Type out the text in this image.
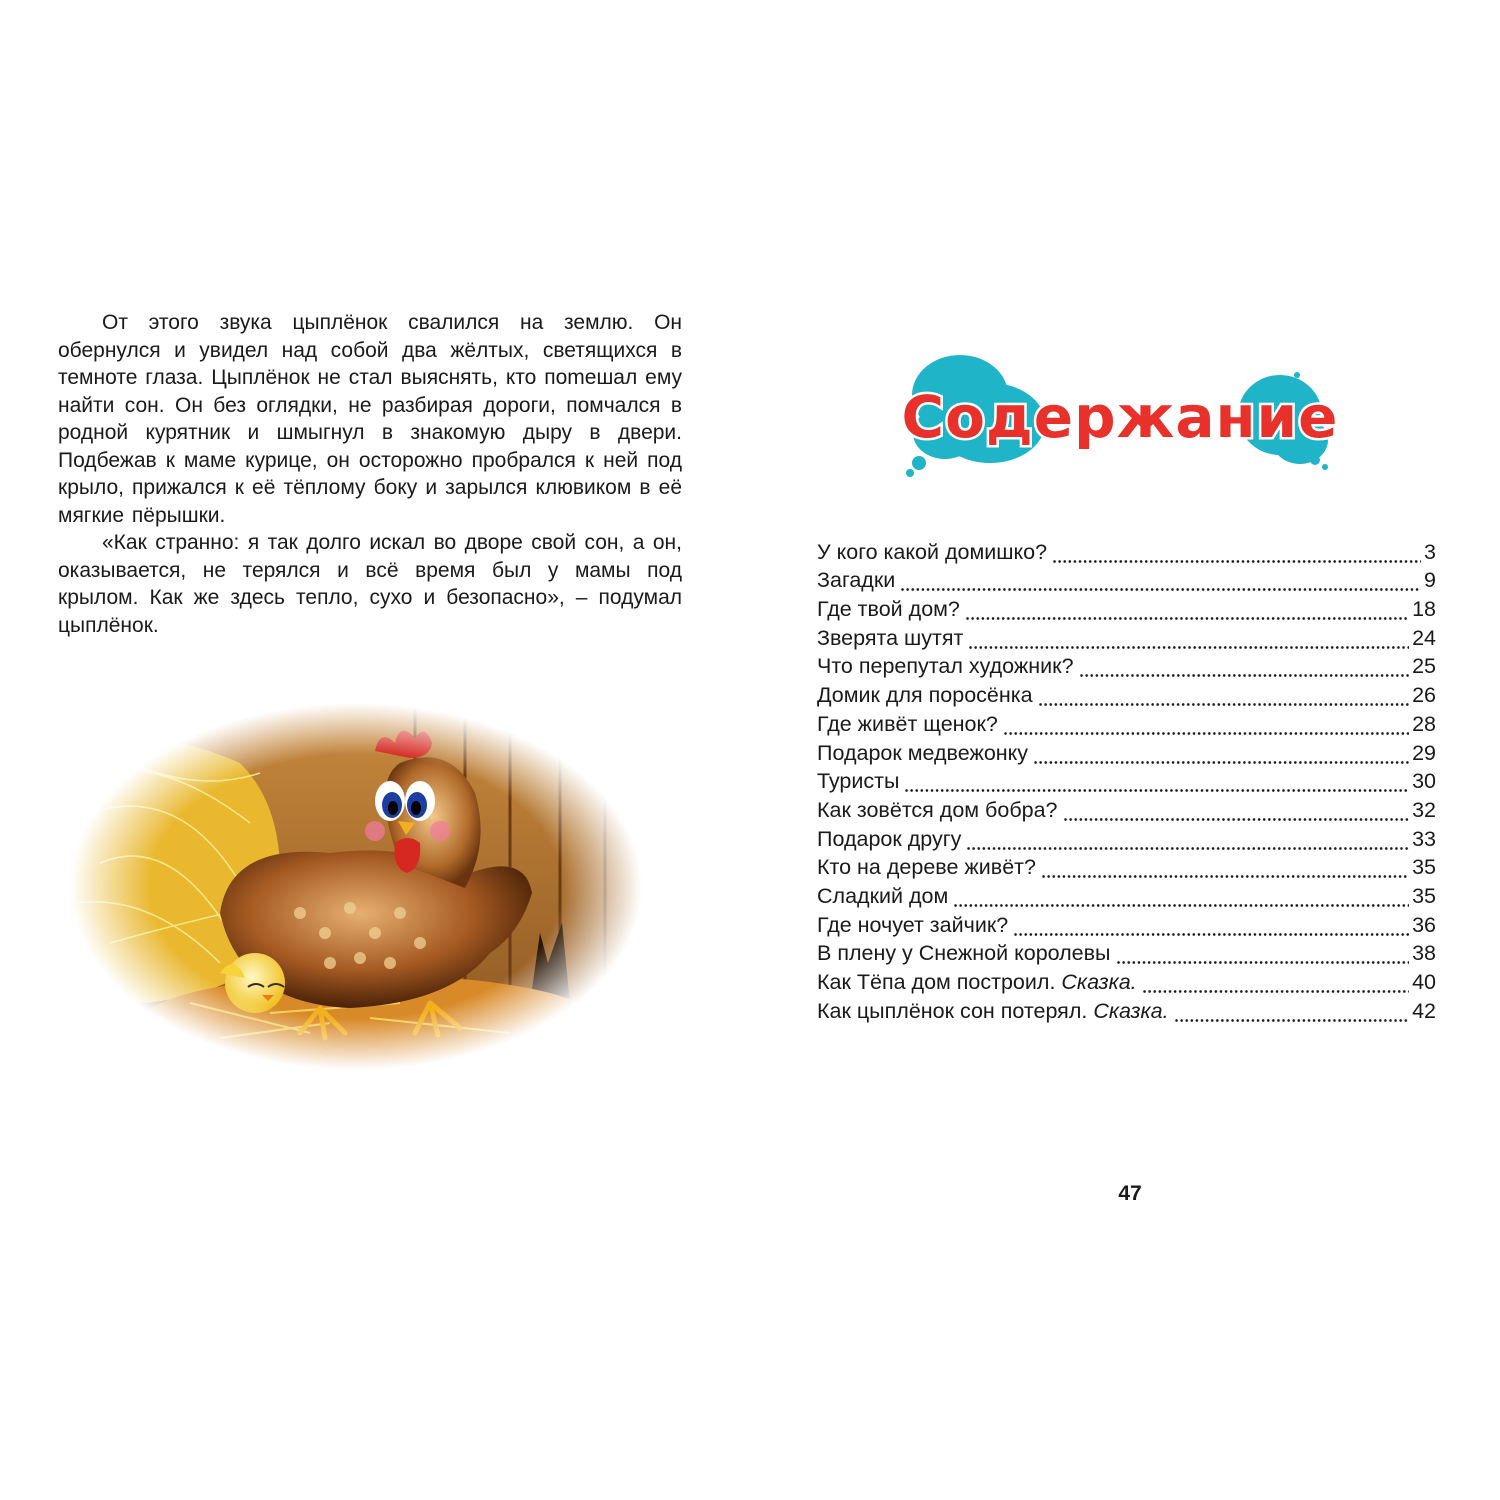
От этого звука цыплёнок свалился на землю. Он обернулся и увидел над собой два жёлтых, светящихся в темноте глаза. Цыплёнок не стал выяснять, кто поmешал ему найти сон. Он без оглядки, не разбирая дороги, помчался в родной курятник и шмыгнул в знакомую дыру в двери. Подбежав к маме курице, он осторожно пробрался к ней под крыло, прижался к её тёплому боку и зарылся клювиком в её мягкие пёрышки.

«Как странно: я так долго искал во дворе свой сон, а он, оказывается, не терялся и всё время был у мамы под крылом. Как же здесь тепло, сухо и безопасно», – подумал цыплёнок.

Содержание
У кого какой домишко?	3
Загадки	9
Где твой дом?	18
Зверята шутят	24
Что перепутал художник?	25
Домик для поросёнка	26
Где живёт щенок?	28
Подарок медвежонку	29
Туристы	30
Как зовётся дом бобра?	32
Подарок другу	33
Кто на дереве живёт?	35
Сладкий дом	35
Где ночует зайчик?	36
В плену у Снежной королевы	38
Как Тёпа дом построил. Сказка.	40
Как цыплёнок сон потерял. Сказка.	42
47
